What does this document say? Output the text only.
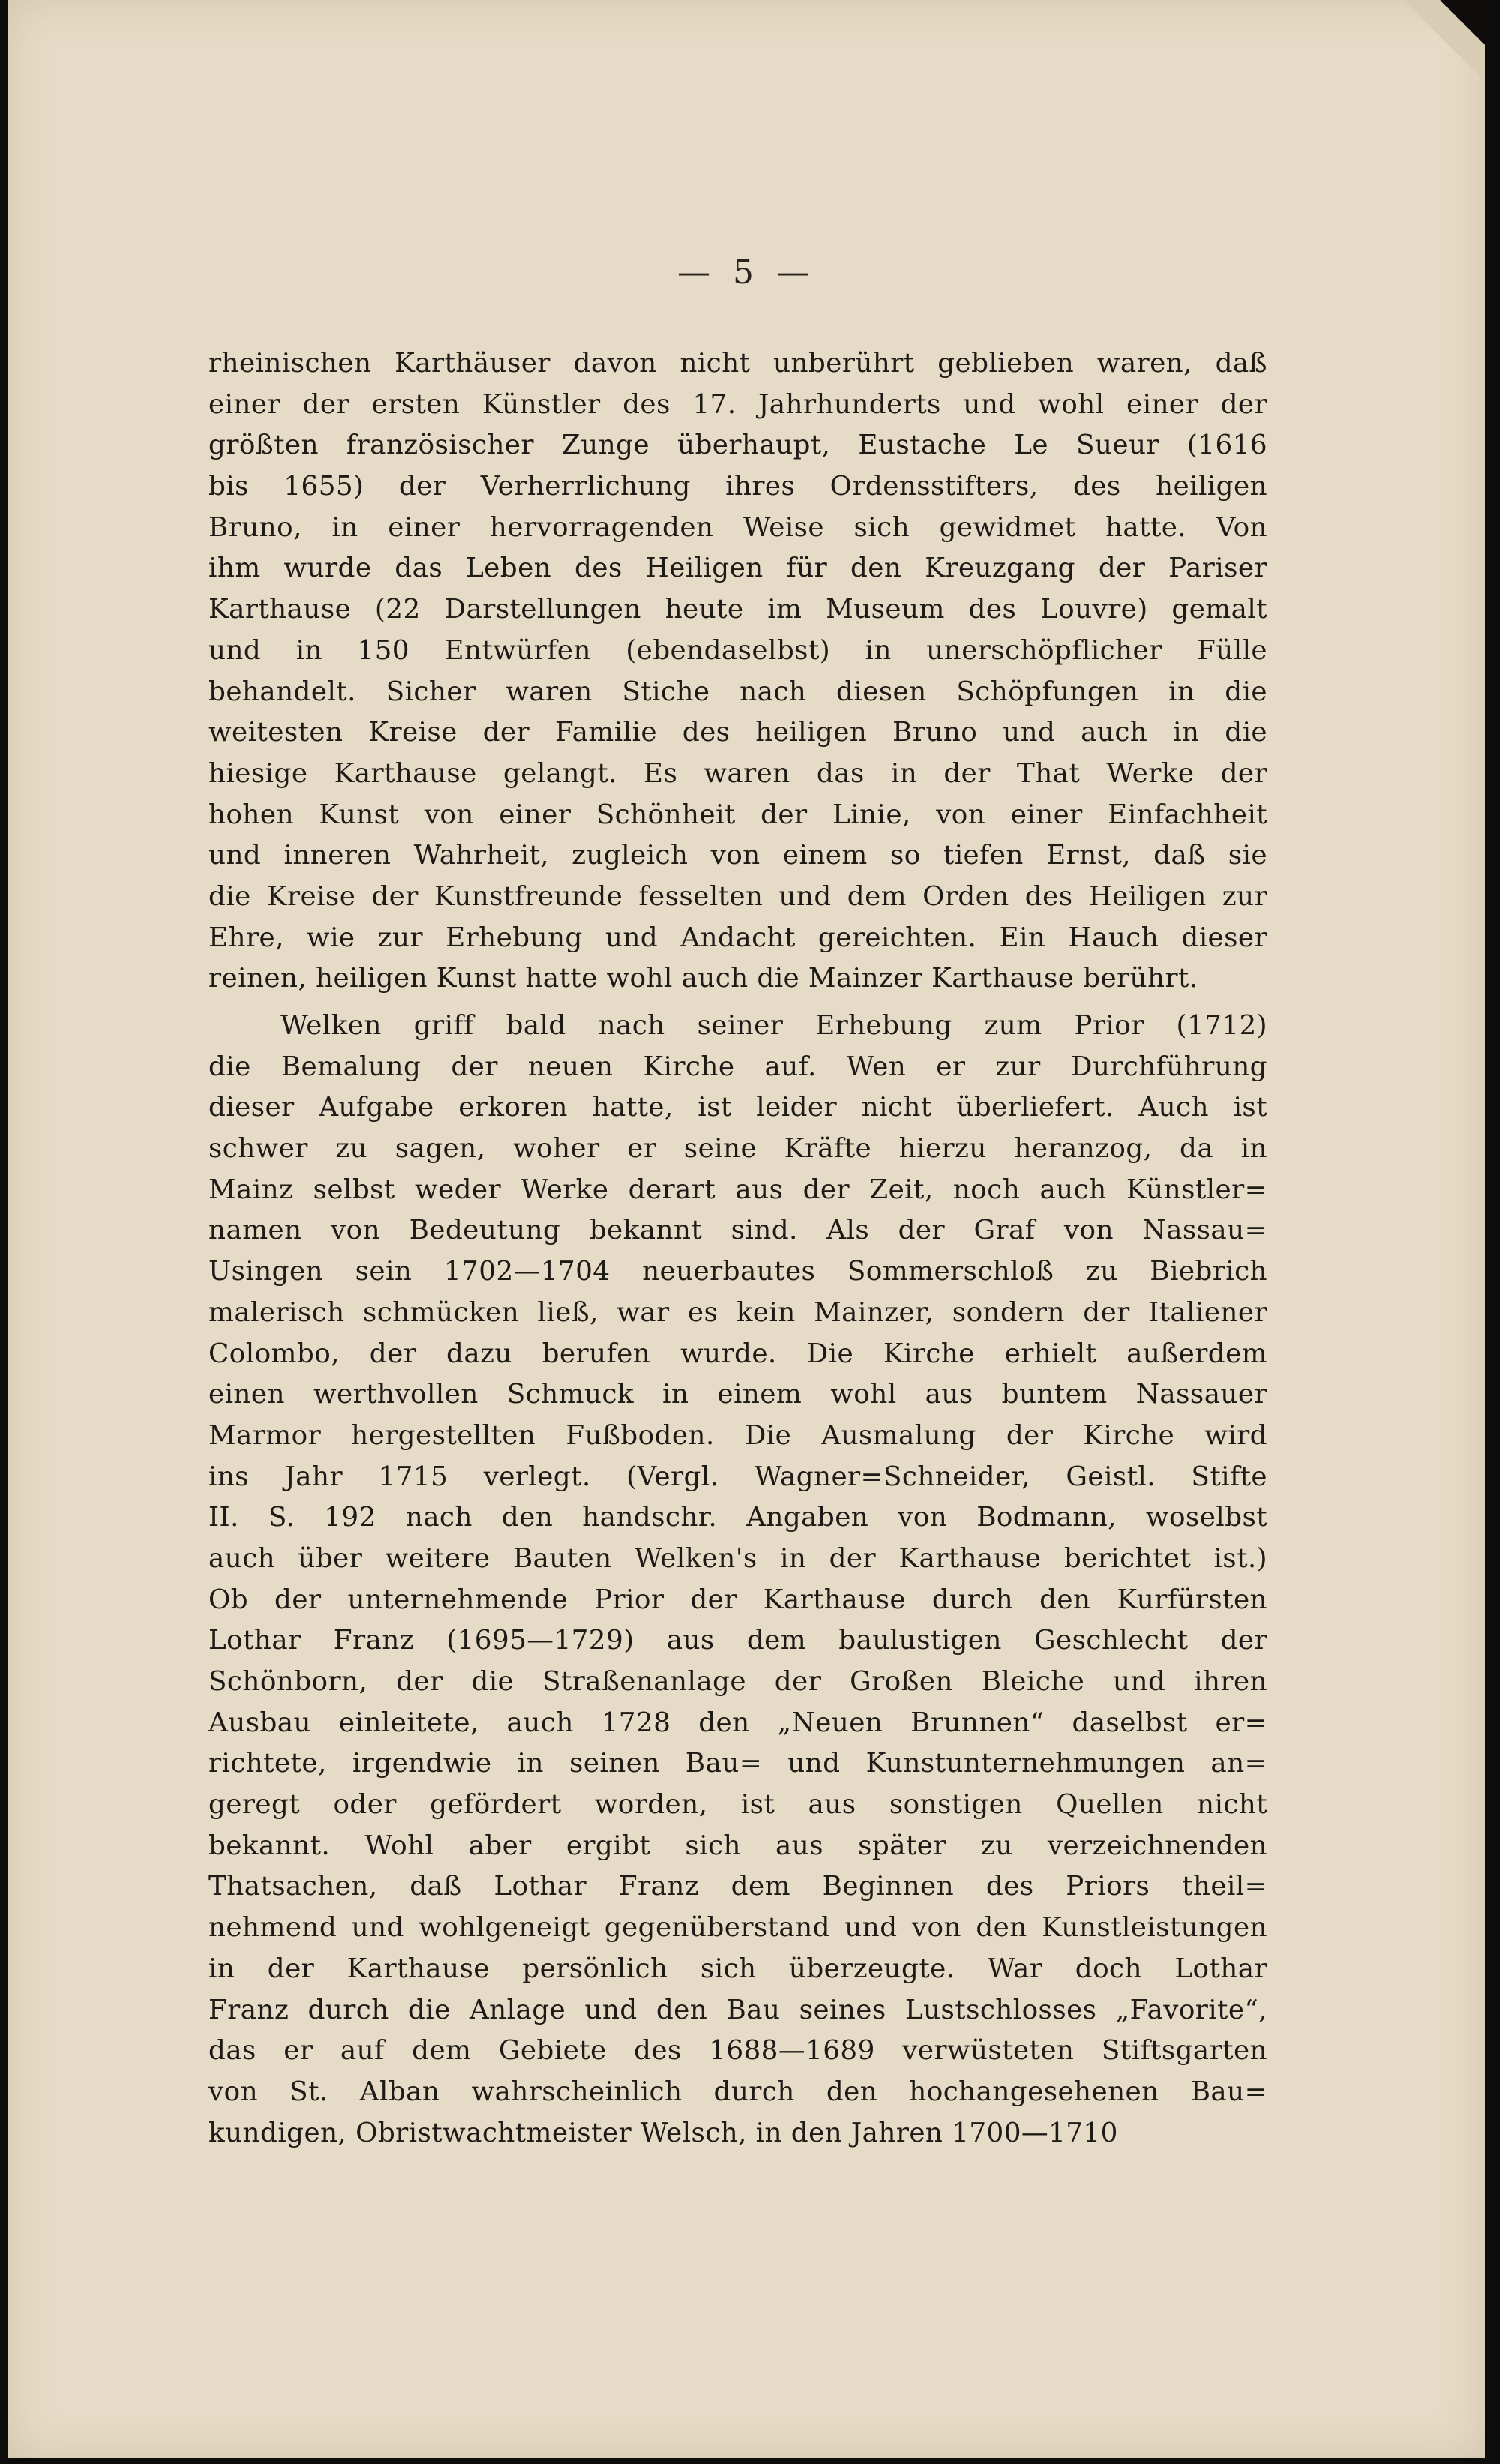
— 5 —
rheinischen Karthäuser davon nicht unberührt geblieben waren, daß
einer der ersten Künstler des 17. Jahrhunderts und wohl einer der
größten französischer Zunge überhaupt, Eustache Le Sueur (1616
bis 1655) der Verherrlichung ihres Ordensstifters, des heiligen
Bruno, in einer hervorragenden Weise sich gewidmet hatte. Von
ihm wurde das Leben des Heiligen für den Kreuzgang der Pariser
Karthause (22 Darstellungen heute im Museum des Louvre) gemalt
und in 150 Entwürfen (ebendaselbst) in unerschöpflicher Fülle
behandelt. Sicher waren Stiche nach diesen Schöpfungen in die
weitesten Kreise der Familie des heiligen Bruno und auch in die
hiesige Karthause gelangt. Es waren das in der That Werke der
hohen Kunst von einer Schönheit der Linie, von einer Einfachheit
und inneren Wahrheit, zugleich von einem so tiefen Ernst, daß sie
die Kreise der Kunstfreunde fesselten und dem Orden des Heiligen zur
Ehre, wie zur Erhebung und Andacht gereichten. Ein Hauch dieser
reinen, heiligen Kunst hatte wohl auch die Mainzer Karthause berührt.
Welken griff bald nach seiner Erhebung zum Prior (1712)
die Bemalung der neuen Kirche auf. Wen er zur Durchführung
dieser Aufgabe erkoren hatte, ist leider nicht überliefert. Auch ist
schwer zu sagen, woher er seine Kräfte hierzu heranzog, da in
Mainz selbst weder Werke derart aus der Zeit, noch auch Künstler=
namen von Bedeutung bekannt sind. Als der Graf von Nassau=
Usingen sein 1702—1704 neuerbautes Sommerschloß zu Biebrich
malerisch schmücken ließ, war es kein Mainzer, sondern der Italiener
Colombo, der dazu berufen wurde. Die Kirche erhielt außerdem
einen werthvollen Schmuck in einem wohl aus buntem Nassauer
Marmor hergestellten Fußboden. Die Ausmalung der Kirche wird
ins Jahr 1715 verlegt. (Vergl. Wagner=Schneider, Geistl. Stifte
II. S. 192 nach den handschr. Angaben von Bodmann, woselbst
auch über weitere Bauten Welken's in der Karthause berichtet ist.)
Ob der unternehmende Prior der Karthause durch den Kurfürsten
Lothar Franz (1695—1729) aus dem baulustigen Geschlecht der
Schönborn, der die Straßenanlage der Großen Bleiche und ihren
Ausbau einleitete, auch 1728 den „Neuen Brunnen“ daselbst er=
richtete, irgendwie in seinen Bau= und Kunstunternehmungen an=
geregt oder gefördert worden, ist aus sonstigen Quellen nicht
bekannt. Wohl aber ergibt sich aus später zu verzeichnenden
Thatsachen, daß Lothar Franz dem Beginnen des Priors theil=
nehmend und wohlgeneigt gegenüberstand und von den Kunstleistungen
in der Karthause persönlich sich überzeugte. War doch Lothar
Franz durch die Anlage und den Bau seines Lustschlosses „Favorite“,
das er auf dem Gebiete des 1688—1689 verwüsteten Stiftsgarten
von St. Alban wahrscheinlich durch den hochangesehenen Bau=
kundigen, Obristwachtmeister Welsch, in den Jahren 1700—1710
